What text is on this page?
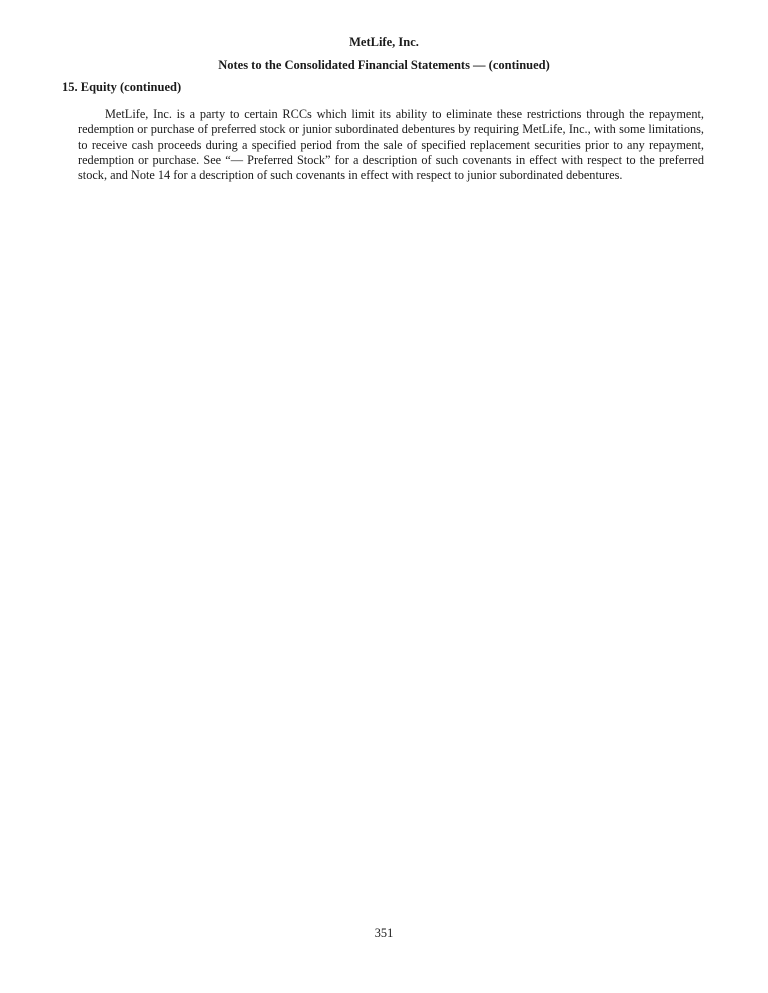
MetLife, Inc.
Notes to the Consolidated Financial Statements — (continued)
15. Equity (continued)

MetLife, Inc. is a party to certain RCCs which limit its ability to eliminate these restrictions through the repayment, redemption or purchase of preferred stock or junior subordinated debentures by requiring MetLife, Inc., with some limitations, to receive cash proceeds during a specified period from the sale of specified replacement securities prior to any repayment, redemption or purchase. See “— Preferred Stock” for a description of such covenants in effect with respect to the preferred stock, and Note 14 for a description of such covenants in effect with respect to junior subordinated debentures.

351
